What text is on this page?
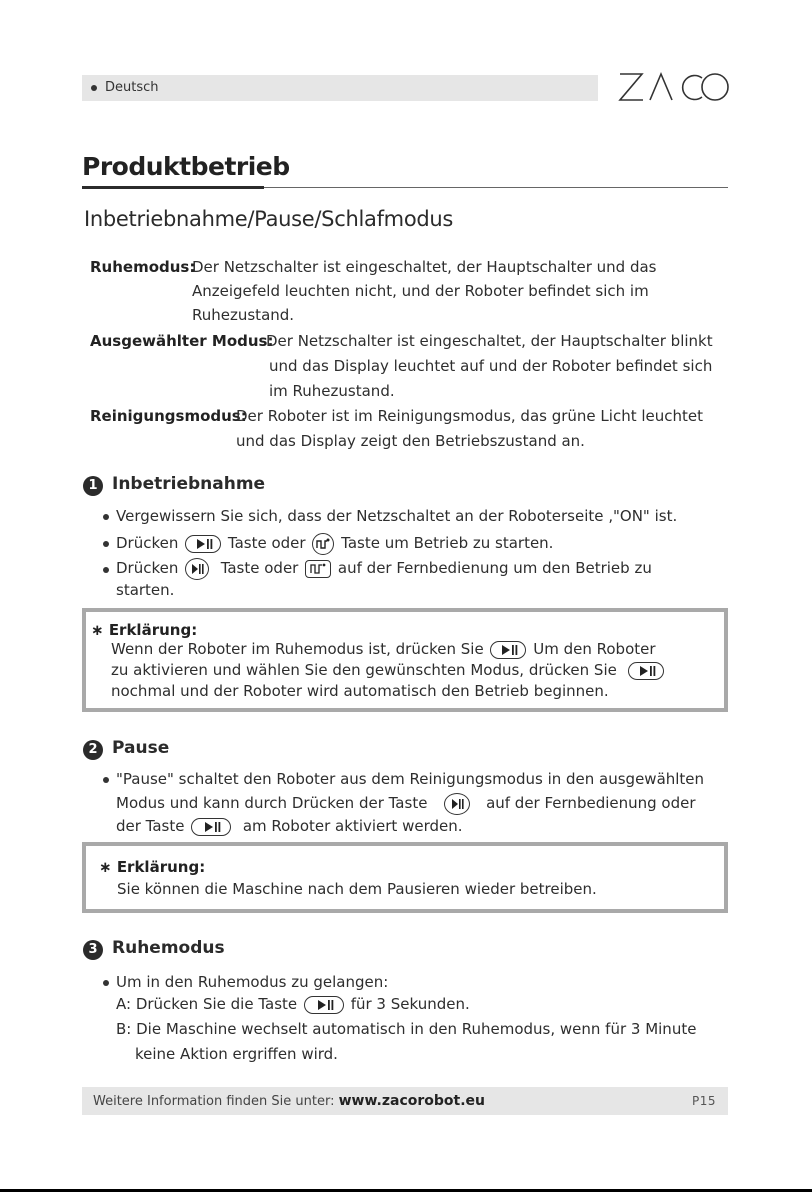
Deutsch
Produktbetrieb
Inbetriebnahme/Pause/Schlafmodus
Ruhemodus:
Der Netzschalter ist eingeschaltet, der Hauptschalter und das
Anzeigefeld leuchten nicht, und der Roboter befindet sich im
Ruhezustand.
Ausgewählter Modus:
Der Netzschalter ist eingeschaltet, der Hauptschalter blinkt
und das Display leuchtet auf und der Roboter befindet sich
im Ruhezustand.
Reinigungsmodus:
Der Roboter ist im Reinigungsmodus, das grüne Licht leuchtet
und das Display zeigt den Betriebszustand an.
1 Inbetriebnahme
Vergewissern Sie sich, dass der Netzschaltet an der Roboterseite ‚"ON" ist.
Drücken	Taste oder Taste um Betrieb zu starten.
Drücken	Taste oder	auf der Fernbedienung um den Betrieb zu
starten.
∗ Erklärung:
Wenn der Roboter im Ruhemodus ist, drücken Sie	Um den Roboter
zu aktivieren und wählen Sie den gewünschten Modus, drücken Sie
nochmal und der Roboter wird automatisch den Betrieb beginnen.
2 Pause
"Pause" schaltet den Roboter aus dem Reinigungsmodus in den ausgewählten
Modus und kann durch Drücken der Taste	auf der Fernbedienung oder
der Taste	am Roboter aktiviert werden.
∗ Erklärung:
Sie können die Maschine nach dem Pausieren wieder betreiben.
3 Ruhemodus
Um in den Ruhemodus zu gelangen:
A: Drücken Sie die Taste	für 3 Sekunden.
B: Die Maschine wechselt automatisch in den Ruhemodus, wenn für 3 Minute
keine Aktion ergriffen wird.
Weitere Information finden Sie unter: www.zacorobot.eu	P15
